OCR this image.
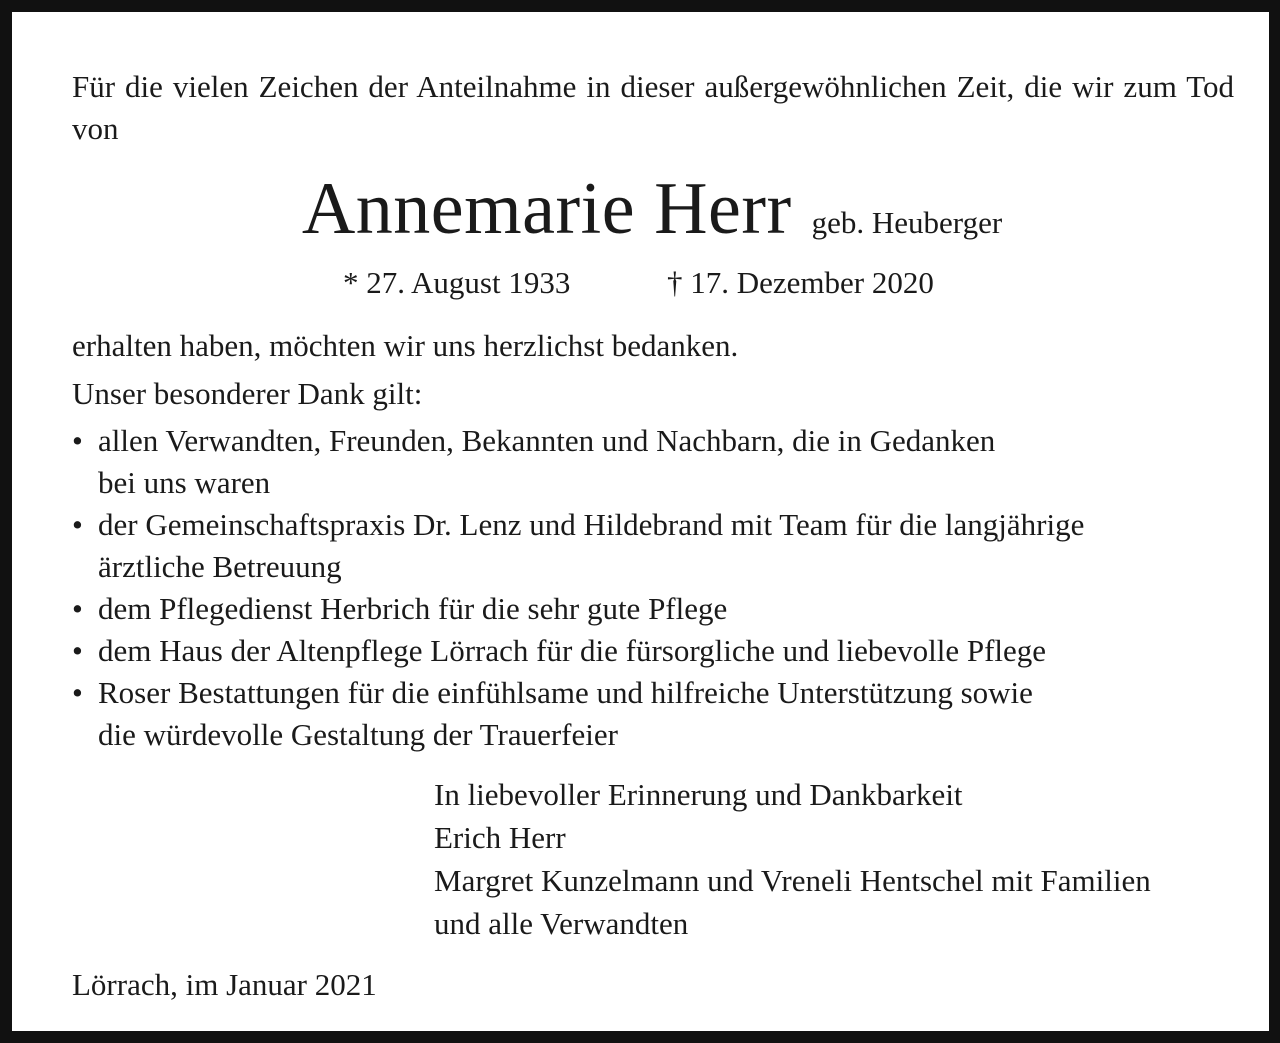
Für die vielen Zeichen der Anteilnahme in dieser außergewöhnlichen Zeit, die wir zum Tod von

Annemarie Herr geb. Heuberger
* 27. August 1933	† 17. Dezember 2020

erhalten haben, möchten wir uns herzlichst bedanken.

Unser besonderer Dank gilt:

• allen Verwandten, Freunden, Bekannten und Nachbarn, die in Gedanken
bei uns waren
• der Gemeinschaftspraxis Dr. Lenz und Hildebrand mit Team für die langjährige
ärztliche Betreuung
• dem Pflegedienst Herbrich für die sehr gute Pflege
• dem Haus der Altenpflege Lörrach für die fürsorgliche und liebevolle Pflege
• Roser Bestattungen für die einfühlsame und hilfreiche Unterstützung sowie
die würdevolle Gestaltung der Trauerfeier
In liebevoller Erinnerung und Dankbarkeit
Erich Herr
Margret Kunzelmann und Vreneli Hentschel mit Familien
und alle Verwandten

Lörrach, im Januar 2021
